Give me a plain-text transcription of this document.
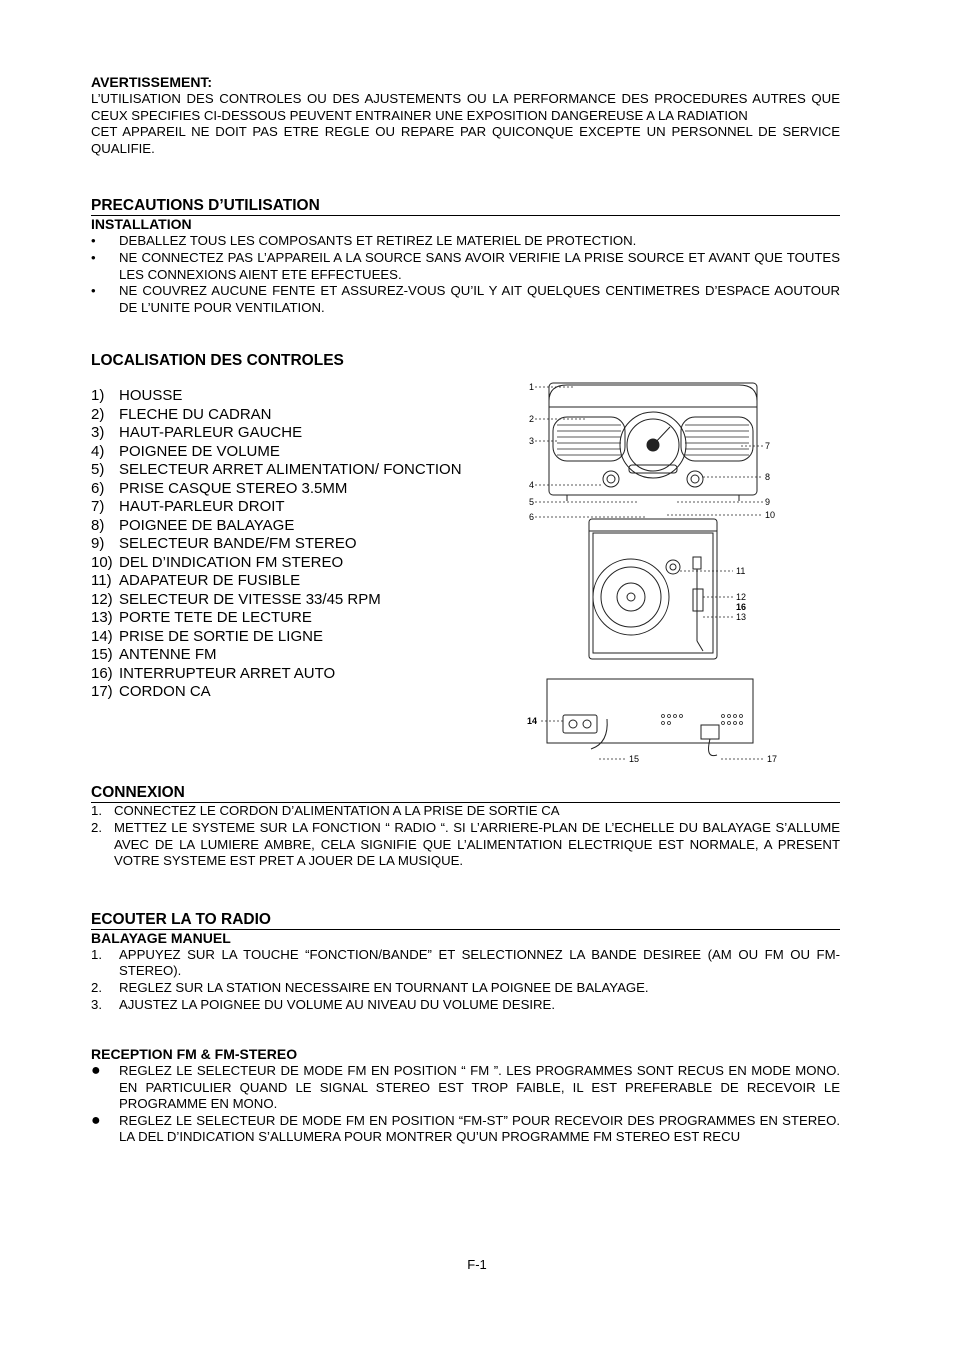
AVERTISSEMENT:

L’UTILISATION DES CONTROLES OU DES AJUSTEMENTS OU LA PERFORMANCE DES PROCEDURES AUTRES QUE CEUX SPECIFIES CI-DESSOUS PEUVENT ENTRAINER UNE EXPOSITION DANGEREUSE A LA RADIATION

CET APPAREIL NE DOIT PAS ETRE REGLE OU REPARE PAR QUICONQUE EXCEPTE UN PERSONNEL DE SERVICE QUALIFIE.

PRECAUTIONS D’UTILISATION

INSTALLATION

•	DEBALLEZ TOUS LES COMPOSANTS ET RETIREZ LE MATERIEL DE PROTECTION.
•	NE CONNECTEZ PAS L’APPAREIL A LA SOURCE SANS AVOIR VERIFIE LA PRISE SOURCE ET AVANT QUE TOUTES LES CONNEXIONS AIENT ETE EFFECTUEES.
•	NE COUVREZ AUCUNE FENTE ET ASSUREZ-VOUS QU’IL Y AIT QUELQUES CENTIMETRES D’ESPACE AOUTOUR DE L’UNITE POUR VENTILATION.

LOCALISATION DES CONTROLES

1) HOUSSE
2) FLECHE DU CADRAN
3) HAUT-PARLEUR GAUCHE
4) POIGNEE DE VOLUME
5) SELECTEUR ARRET ALIMENTATION/ FONCTION
6) PRISE CASQUE STEREO 3.5MM
7) HAUT-PARLEUR DROIT
8) POIGNEE DE BALAYAGE
9) SELECTEUR BANDE/FM STEREO
10) DEL D’INDICATION FM STEREO
11) ADAPATEUR DE FUSIBLE
12) SELECTEUR DE VITESSE 33/45 RPM
13) PORTE TETE DE LECTURE
14) PRISE DE SORTIE DE LIGNE
15) ANTENNE FM
16) INTERRUPTEUR ARRET AUTO
17) CORDON CA
1
2
3
4
5
6
7
8
9
10
11
12
16
13
14
15	17

CONNEXION

1. CONNECTEZ LE CORDON D’ALIMENTATION A LA PRISE DE SORTIE CA
2. METTEZ LE SYSTEME SUR LA FONCTION “ RADIO “. SI L’ARRIERE-PLAN DE L’ECHELLE DU BALAYAGE S’ALLUME AVEC DE LA LUMIERE AMBRE, CELA SIGNIFIE QUE L’ALIMENTATION ELECTRIQUE EST NORMALE, A PRESENT VOTRE SYSTEME EST PRET A JOUER DE LA MUSIQUE.

ECOUTER LA TO RADIO

BALAYAGE MANUEL

1.	APPUYEZ SUR LA TOUCHE “FONCTION/BANDE” ET SELECTIONNEZ LA BANDE DESIREE (AM OU FM OU FM-STEREO).
2.	REGLEZ SUR LA STATION NECESSAIRE EN TOURNANT LA POIGNEE DE BALAYAGE.
3.	AJUSTEZ LA POIGNEE DU VOLUME AU NIVEAU DU VOLUME DESIRE.

RECEPTION FM & FM-STEREO

●	REGLEZ LE SELECTEUR DE MODE FM EN POSITION “ FM ”. LES PROGRAMMES SONT RECUS EN MODE MONO. EN PARTICULIER QUAND LE SIGNAL STEREO EST TROP FAIBLE, IL EST PREFERABLE DE RECEVOIR LE PROGRAMME EN MONO.
●	REGLEZ LE SELECTEUR DE MODE FM EN POSITION “FM-ST” POUR RECEVOIR DES PROGRAMMES EN STEREO. LA DEL D’INDICATION S’ALLUMERA POUR MONTRER QU’UN PROGRAMME FM STEREO EST RECU
F-1
